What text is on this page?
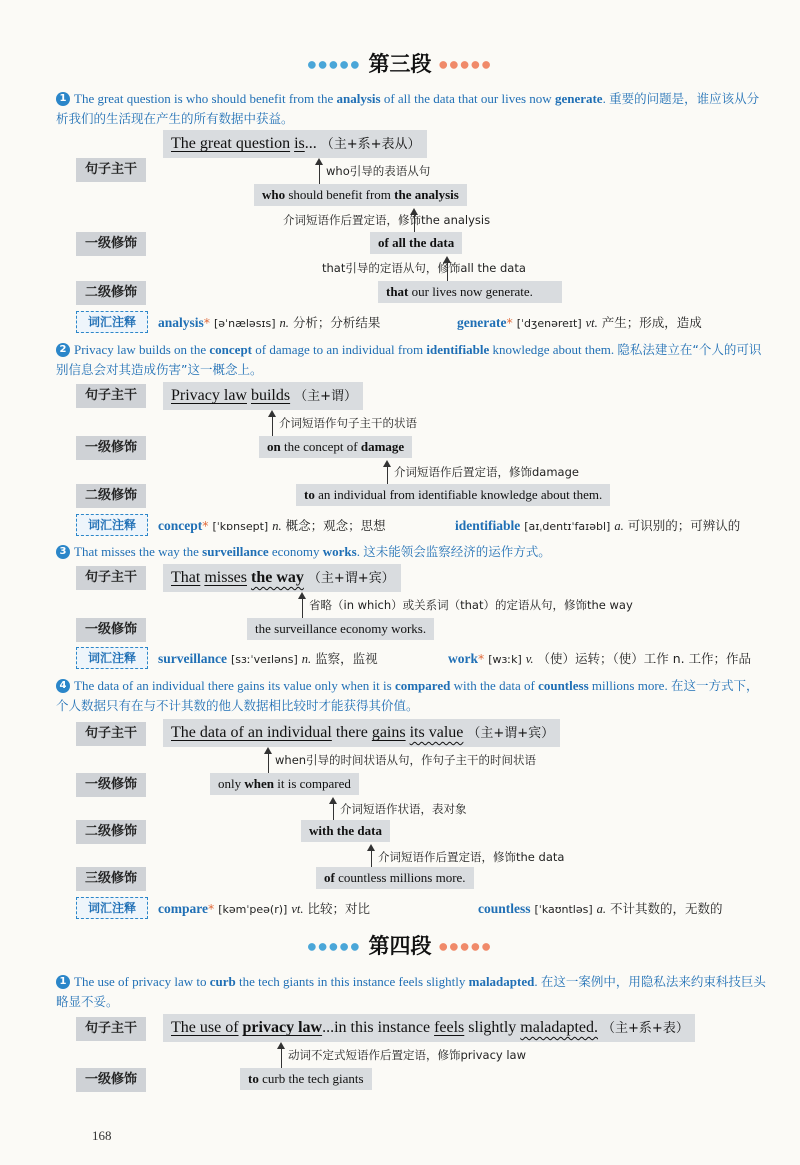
●●●●● 第三段 ●●●●●
1 The great question is who should benefit from the analysis of all the data that our lives now generate. 重要的问题是，谁应该从分析我们的生活现在产生的所有数据中获益。
句子主干
The great question is... （主+系+表从）
who引导的表语从句
who should benefit from the analysis
介词短语作后置定语，修饰the analysis
一级修饰	of all the data
that引导的定语从句，修饰all the data
二级修饰	that our lives now generate.
词汇注释	analysis* [əˈnæləsɪs] n. 分析；分析结果	generate* [ˈdʒenəreɪt] vt. 产生；形成，造成
2 Privacy law builds on the concept of damage to an individual from identifiable knowledge about them. 隐私法建立在“个人的可识别信息会对其造成伤害”这一概念上。
句子主干	Privacy law builds （主+谓）
介词短语作句子主干的状语
一级修饰	on the concept of damage
介词短语作后置定语，修饰damage
二级修饰	to an individual from identifiable knowledge about them.
词汇注释	concept* [ˈkɒnsept] n. 概念；观念；思想	identifiable [aɪˌdentɪˈfaɪəbl] a. 可识别的；可辨认的
3 That misses the way the surveillance economy works. 这未能领会监察经济的运作方式。
句子主干	That misses the way （主+谓+宾）
省略（in which）或关系词（that）的定语从句，修饰the way
一级修饰	the surveillance economy works.
词汇注释	surveillance [sɜːˈveɪləns] n. 监察，监视	work* [wɜːk] v. （使）运转；（使）工作 n. 工作；作品
4 The data of an individual there gains its value only when it is compared with the data of countless millions more. 在这一方式下，个人数据只有在与不计其数的他人数据相比较时才能获得其价值。
句子主干	The data of an individual there gains its value （主+谓+宾）
when引导的时间状语从句，作句子主干的时间状语
一级修饰	only when it is compared
介词短语作状语，表对象
二级修饰	with the data
介词短语作后置定语，修饰the data
三级修饰	of countless millions more.
词汇注释	compare* [kəmˈpeə(r)] vt. 比较；对比	countless [ˈkaʊntləs] a. 不计其数的，无数的
●●●●● 第四段 ●●●●●
1 The use of privacy law to curb the tech giants in this instance feels slightly maladapted. 在这一案例中，用隐私法来约束科技巨头略显不妥。
句子主干	The use of privacy law...in this instance feels slightly maladapted. （主+系+表）
动词不定式短语作后置定语，修饰privacy law
一级修饰	to curb the tech giants
168
